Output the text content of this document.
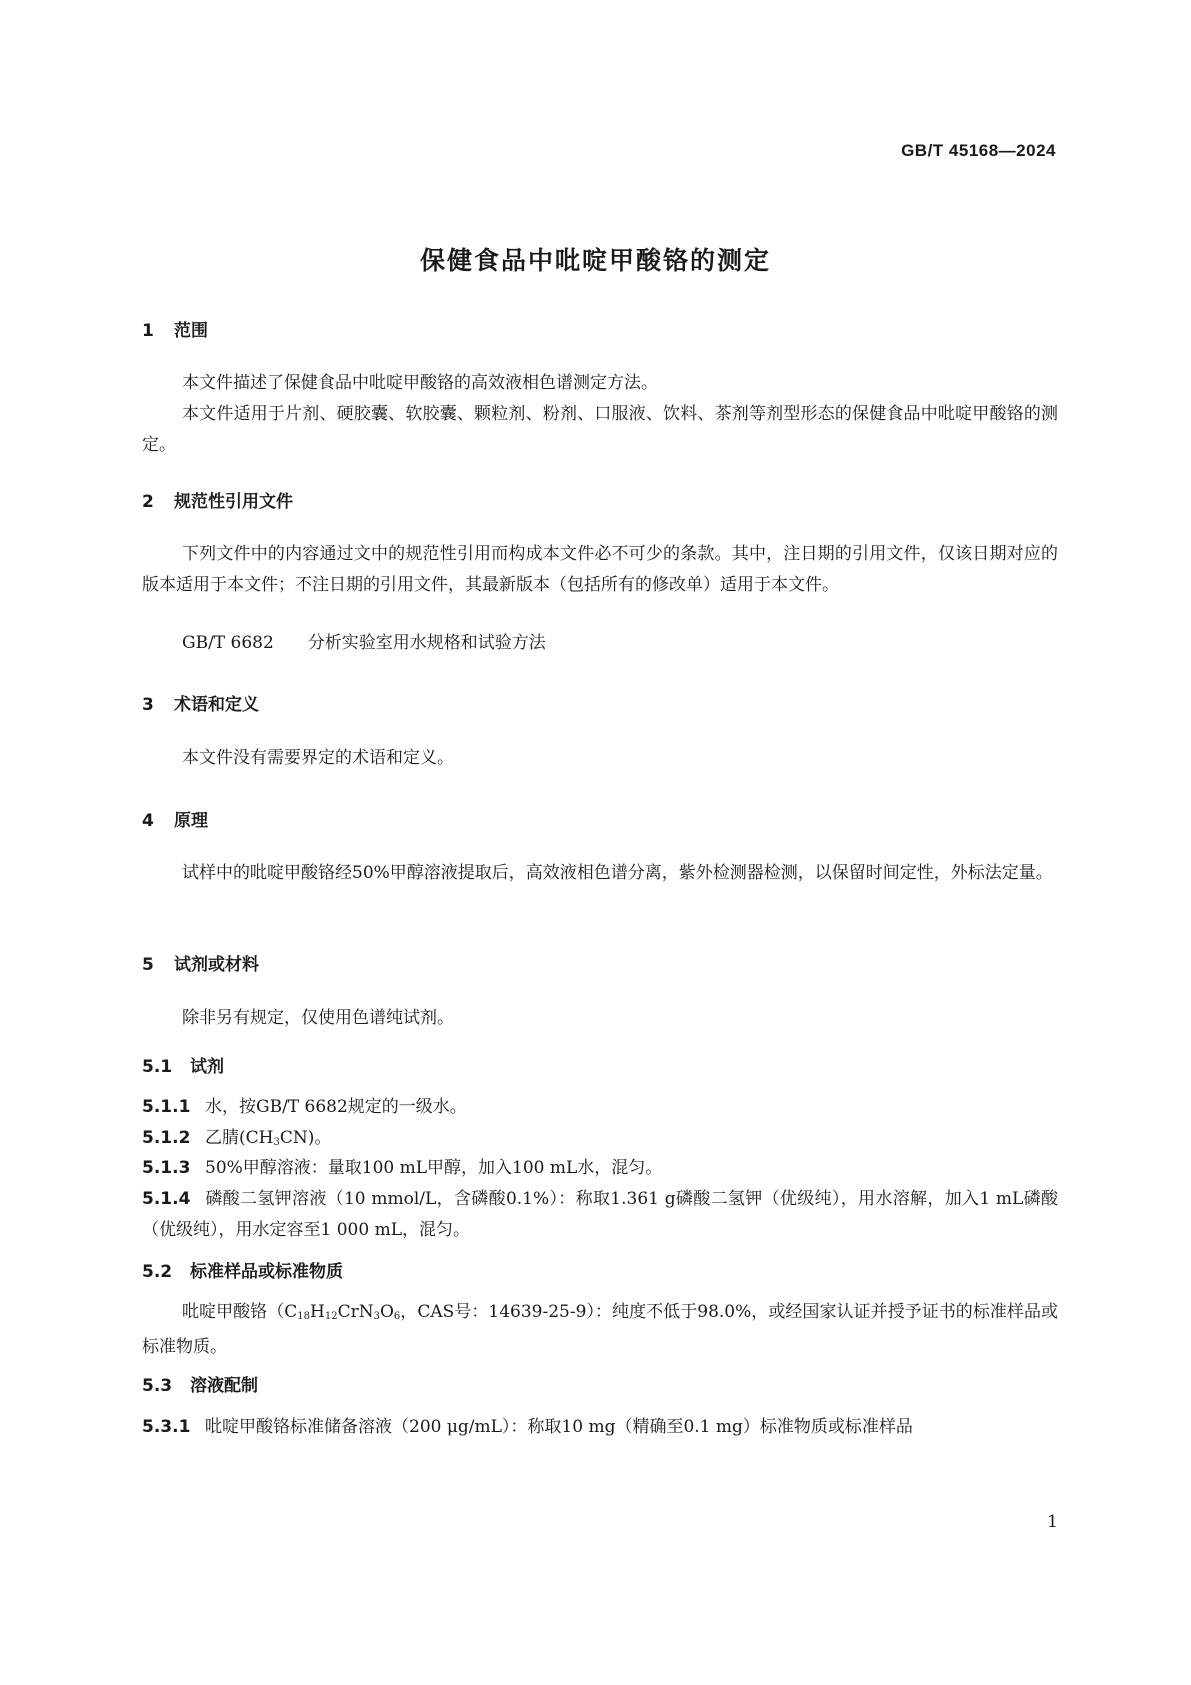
GB/T 45168—2024
保健食品中吡啶甲酸铬的测定
1 范围
本文件描述了保健食品中吡啶甲酸铬的高效液相色谱测定方法。
本文件适用于片剂、硬胶囊、软胶囊、颗粒剂、粉剂、口服液、饮料、茶剂等剂型形态的保健食品中吡啶甲酸铬的测定。
2 规范性引用文件
下列文件中的内容通过文中的规范性引用而构成本文件必不可少的条款。其中，注日期的引用文件，仅该日期对应的版本适用于本文件；不注日期的引用文件，其最新版本（包括所有的修改单）适用于本文件。
GB/T 6682 分析实验室用水规格和试验方法
3 术语和定义
本文件没有需要界定的术语和定义。
4 原理
试样中的吡啶甲酸铬经50%甲醇溶液提取后，高效液相色谱分离，紫外检测器检测，以保留时间定性，外标法定量。
5 试剂或材料
除非另有规定，仅使用色谱纯试剂。
5.1 试剂
5.1.1 水，按GB/T 6682规定的一级水。
5.1.2 乙腈$(CH_3CN)$。
5.1.3 50%甲醇溶液：量取100 mL甲醇，加入100 mL水，混匀。
5.1.4 磷酸二氢钾溶液（10 mmol/L，含磷酸0.1%）：称取1.361 g磷酸二氢钾（优级纯），用水溶解，加入1 mL磷酸（优级纯），用水定容至1 000 mL，混匀。
5.2 标准样品或标准物质
吡啶甲酸铬（$C_{18}H_{12}CrN_3O_6$，CAS号：14639-25-9）：纯度不低于98.0%，或经国家认证并授予证书的标准样品或标准物质。
5.3 溶液配制
5.3.1 吡啶甲酸铬标准储备溶液（200 μg/mL）：称取10 mg（精确至0.1 mg）标准物质或标准样品
1
